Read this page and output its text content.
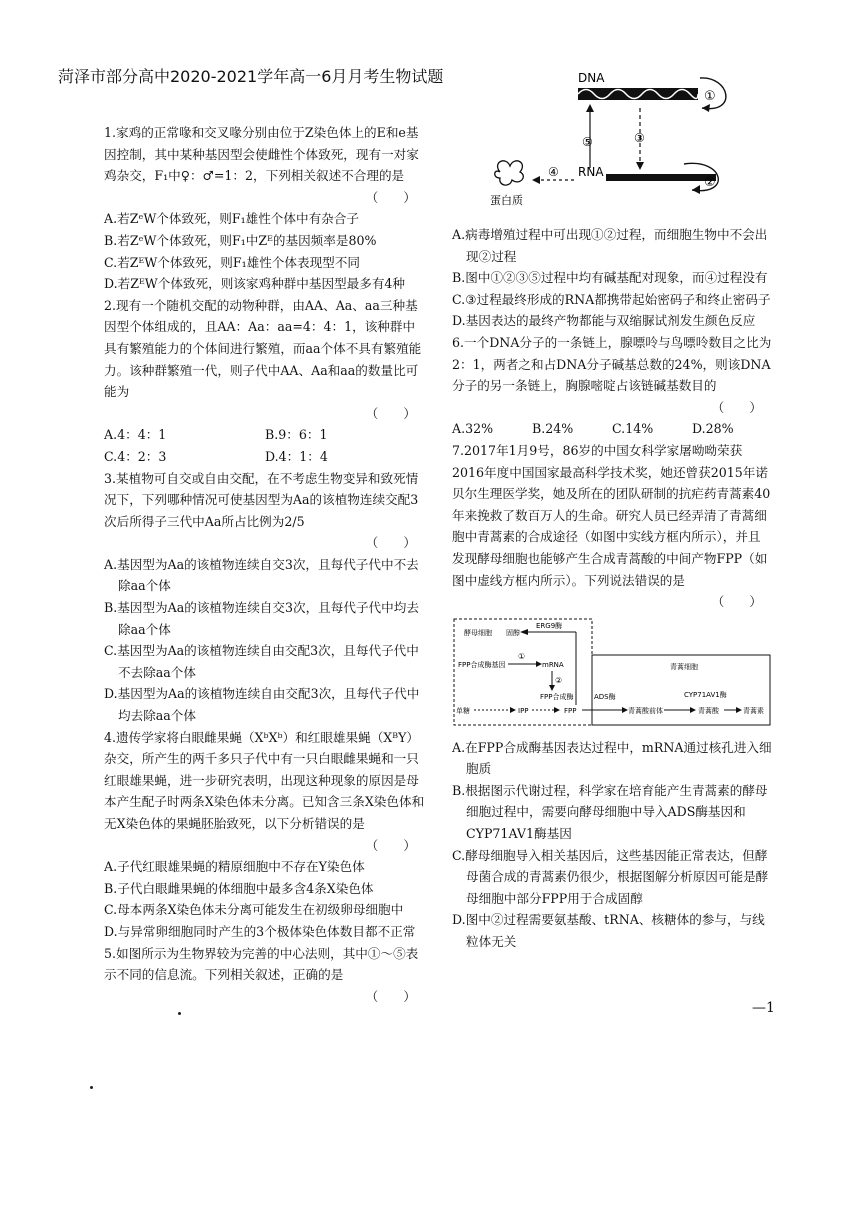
菏泽市部分高中2020-2021学年高一6月月考生物试题	DNA
①
⑤	③
RNA
②
④
蛋白质

1.家鸡的正常喙和交叉喙分别由位于Z染色体上的E和e基因控制，其中某种基因型会使雌性个体致死，现有一对家鸡杂交，F₁中♀：♂=1：2，下列相关叙述不合理的是

（　　）
A.若ZᵉW个体致死，则F₁雄性个体中有杂合子
B.若ZᵉW个体致死，则F₁中Zᴱ的基因频率是80%
C.若ZᴱW个体致死，则F₁雄性个体表现型不同
D.若ZᴱW个体致死，则该家鸡种群中基因型最多有4种

2.现有一个随机交配的动物种群，由AA、Aa、aa三种基因型个体组成的，且AA：Aa：aa=4：4：1，该种群中具有繁殖能力的个体间进行繁殖，而aa个体不具有繁殖能力。该种群繁殖一代，则子代中AA、Aa和aa的数量比可能为

（　　）
A.4：4：1	B.9：6：1
C.4：2：3	D.4：1：4

3.某植物可自交或自由交配，在不考虑生物变异和致死情况下，下列哪种情况可使基因型为Aa的该植物连续交配3次后所得子三代中Aa所占比例为2/5

（　　）
A.基因型为Aa的该植物连续自交3次，且每代子代中不去除aa个体
B.基因型为Aa的该植物连续自交3次，且每代子代中均去除aa个体
C.基因型为Aa的该植物连续自由交配3次，且每代子代中不去除aa个体
D.基因型为Aa的该植物连续自由交配3次，且每代子代中均去除aa个体

4.遗传学家将白眼雌果蝇（XᵇXᵇ）和红眼雄果蝇（XᴮY）杂交，所产生的两千多只子代中有一只白眼雌果蝇和一只红眼雄果蝇，进一步研究表明，出现这种现象的原因是母本产生配子时两条X染色体未分离。已知含三条X染色体和无X染色体的果蝇胚胎致死，以下分析错误的是

（　　）
A.子代红眼雄果蝇的精原细胞中不存在Y染色体
B.子代白眼雌果蝇的体细胞中最多含4条X染色体
C.母本两条X染色体未分离可能发生在初级卵母细胞中
D.与异常卵细胞同时产生的3个极体染色体数目都不正常

5.如图所示为生物界较为完善的中心法则，其中①～⑤表示不同的信息流。下列相关叙述，正确的是

（　　）
A.病毒增殖过程中可出现①②过程，而细胞生物中不会出现②过程
B.图中①②③⑤过程中均有碱基配对现象，而④过程没有
C.③过程最终形成的RNA都携带起始密码子和终止密码子
D.基因表达的最终产物都能与双缩脲试剂发生颜色反应

6.一个DNA分子的一条链上，腺嘌呤与鸟嘌呤数目之比为2：1，两者之和占DNA分子碱基总数的24%，则该DNA分子的另一条链上，胸腺嘧啶占该链碱基数目的

（　　）
A.32%	B.24%	C.14%	D.28%

7.2017年1月9号，86岁的中国女科学家屠呦呦荣获2016年度中国国家最高科学技术奖，她还曾获2015年诺贝尔生理医学奖，她及所在的团队研制的抗疟药青蒿素40年来挽救了数百万人的生命。研究人员已经弄清了青蒿细胞中青蒿素的合成途径（如图中实线方框内所示），并且发现酵母细胞也能够产生合成青蒿酸的中间产物FPP（如图中虚线方框内所示）。下列说法错误的是

（　　）
酵母细胞 固醇
ERG9酶
FPP合成酶基因
①
mRNA
②
FPP合成酶
青蒿细胞
ADS酶	CYP71AV1酶
单糖	IPP	FPP	青蒿酸前体	青蒿酸	青蒿素
A.在FPP合成酶基因表达过程中，mRNA通过核孔进入细胞质
B.根据图示代谢过程，科学家在培育能产生青蒿素的酵母细胞过程中，需要向酵母细胞中导入ADS酶基因和CYP71AV1酶基因
C.酵母细胞导入相关基因后，这些基因能正常表达，但酵母菌合成的青蒿素仍很少，根据图解分析原因可能是酵母细胞中部分FPP用于合成固醇
D.图中②过程需要氨基酸、tRNA、核糖体的参与，与线粒体无关
—1
